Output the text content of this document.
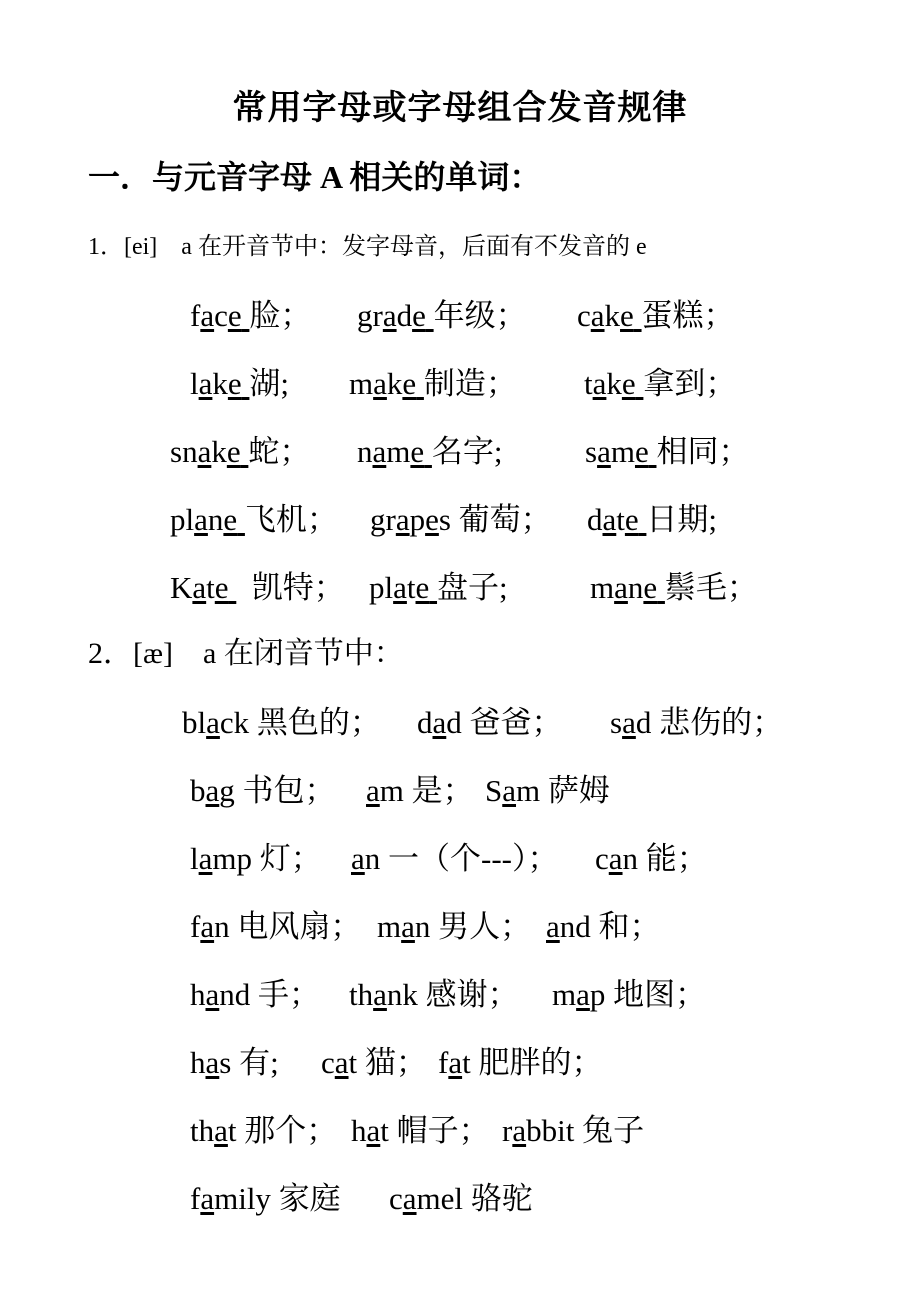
常用字母或字母组合发音规律
一．与元音字母 A 相关的单词：
1．[ei]　a 在开音节中：发字母音，后面有不发音的 e
face 脸； grade 年级； cake 蛋糕；
lake 湖; make 制造； take 拿到；
snake 蛇； name 名字;	same 相同；
plane 飞机； grapes 葡萄； date 日期;
Kate   凯特； plate 盘子;	mane 鬃毛；
2．[æ]　a 在闭音节中：
black 黑色的； dad 爸爸； sad 悲伤的；
bag 书包； am 是； Sam 萨姆
lamp 灯； an 一（个---）； can 能；
fan 电风扇； man 男人； and 和；
hand 手； thank 感谢； map 地图；
has 有; cat 猫； fat 肥胖的；
that 那个； hat 帽子； rabbit 兔子
family 家庭 camel 骆驼
